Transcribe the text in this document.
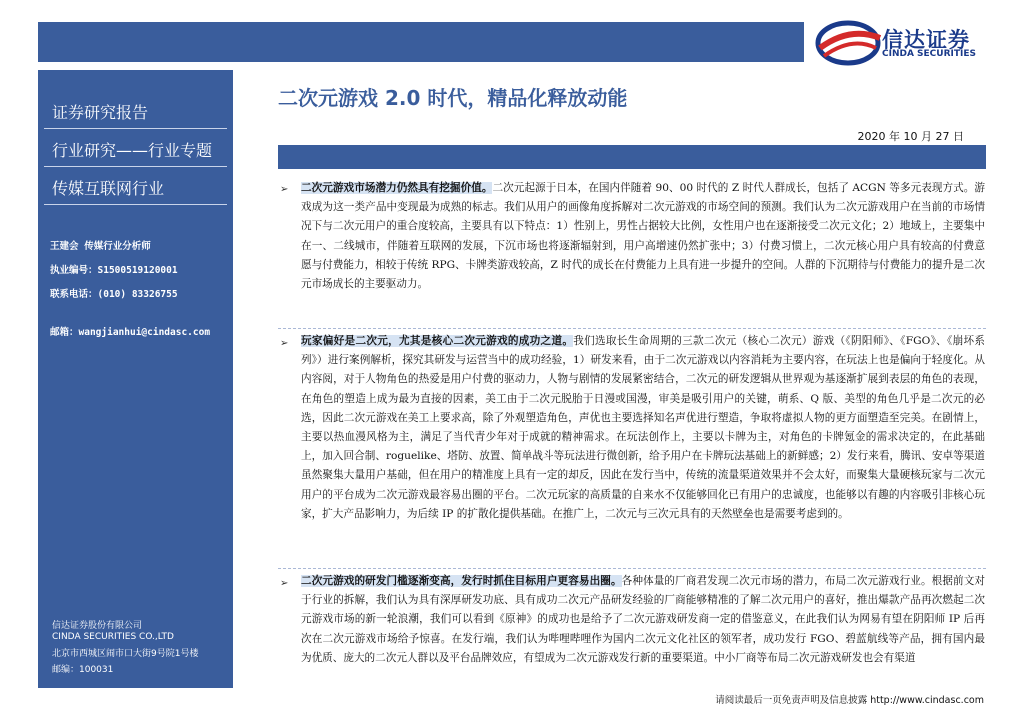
信达证券
CINDA SECURITIES
证券研究报告
行业研究——行业专题
传媒互联网行业
王建会 传媒行业分析师
执业编号：S1500519120001
联系电话：(010) 83326755
邮箱：wangjianhui@cindasc.com
信达证券股份有限公司
CINDA SECURITIES CO.,LTD
北京市西城区闹市口大街9号院1号楼
邮编：100031
二次元游戏 2.0 时代，精品化释放动能
2020 年 10 月 27 日
➢ 二次元游戏市场潜力仍然具有挖掘价值。二次元起源于日本，在国内伴随着 90、00 时代的 Z 时代人群成长，包括了 ACGN 等多元表现方式。游戏成为这一类产品中变现最为成熟的标志。我们从用户的画像角度拆解对二次元游戏的市场空间的预测。我们认为二次元游戏用户在当前的市场情况下与二次元用户的重合度较高，主要具有以下特点：1）性别上，男性占据较大比例，女性用户也在逐渐接受二次元文化；2）地域上，主要集中在一、二线城市，伴随着互联网的发展，下沉市场也将逐渐辐射到，用户高增速仍然扩张中；3）付费习惯上，二次元核心用户具有较高的付费意愿与付费能力，相较于传统 RPG、卡牌类游戏较高，Z 时代的成长在付费能力上具有进一步提升的空间。人群的下沉期待与付费能力的提升是二次元市场成长的主要驱动力。
➢ 玩家偏好是二次元，尤其是核心二次元游戏的成功之道。我们选取长生命周期的三款二次元（核心二次元）游戏（《阴阳师》、《FGO》、《崩坏系列》）进行案例解析，探究其研发与运营当中的成功经验，1）研发来看，由于二次元游戏以内容消耗为主要内容，在玩法上也是偏向于轻度化。从内容阅，对于人物角色的热爱是用户付费的驱动力，人物与剧情的发展紧密结合，二次元的研发逻辑从世界观为基逐渐扩展到表层的角色的表现，在角色的塑造上成为最为直接的因素，美工由于二次元脱胎于日漫或国漫，审美是吸引用户的关键，萌系、Q 版、美型的角色几乎是二次元的必选，因此二次元游戏在美工上要求高，除了外观塑造角色，声优也主要选择知名声优进行塑造，争取将虚拟人物的更方面塑造至完美。在剧情上，主要以热血漫风格为主，满足了当代青少年对于成就的精神需求。在玩法创作上，主要以卡牌为主，对角色的卡牌氪金的需求决定的，在此基础上，加入回合制、roguelike、塔防、放置、简单战斗等玩法进行微创新，给予用户在卡牌玩法基础上的新鲜感；2）发行来看，腾讯、安卓等渠道虽然聚集大量用户基础，但在用户的精准度上具有一定的却反，因此在发行当中，传统的流量渠道效果并不会太好，而聚集大量硬核玩家与二次元用户的平台成为二次元游戏最容易出圈的平台。二次元玩家的高质量的自来水不仅能够回化已有用户的忠诚度，也能够以有趣的内容吸引非核心玩家，扩大产品影响力，为后续 IP 的扩散化提供基础。在推广上，二次元与三次元具有的天然壁垒也是需要考虑到的。
➢ 二次元游戏的研发门槛逐渐变高，发行时抓住目标用户更容易出圈。各种体量的厂商君发现二次元市场的潜力，布局二次元游戏行业。根据前文对于行业的拆解，我们认为具有深厚研发功底、具有成功二次元产品研发经验的厂商能够精准的了解二次元用户的喜好，推出爆款产品再次燃起二次元游戏市场的新一轮浪潮，我们可以看到《原神》的成功也是给予了二次元游戏研发商一定的借鉴意义，在此我们认为网易有望在阴阳师 IP 后再次在二次元游戏市场给予惊喜。在发行端，我们认为哔哩哔哩作为国内二次元文化社区的领军者，成功发行 FGO、碧蓝航线等产品，拥有国内最为优质、庞大的二次元人群以及平台品牌效应，有望成为二次元游戏发行新的重要渠道。中小厂商等布局二次元游戏研发也会有渠道
请阅读最后一页免责声明及信息披露 http://www.cindasc.com
